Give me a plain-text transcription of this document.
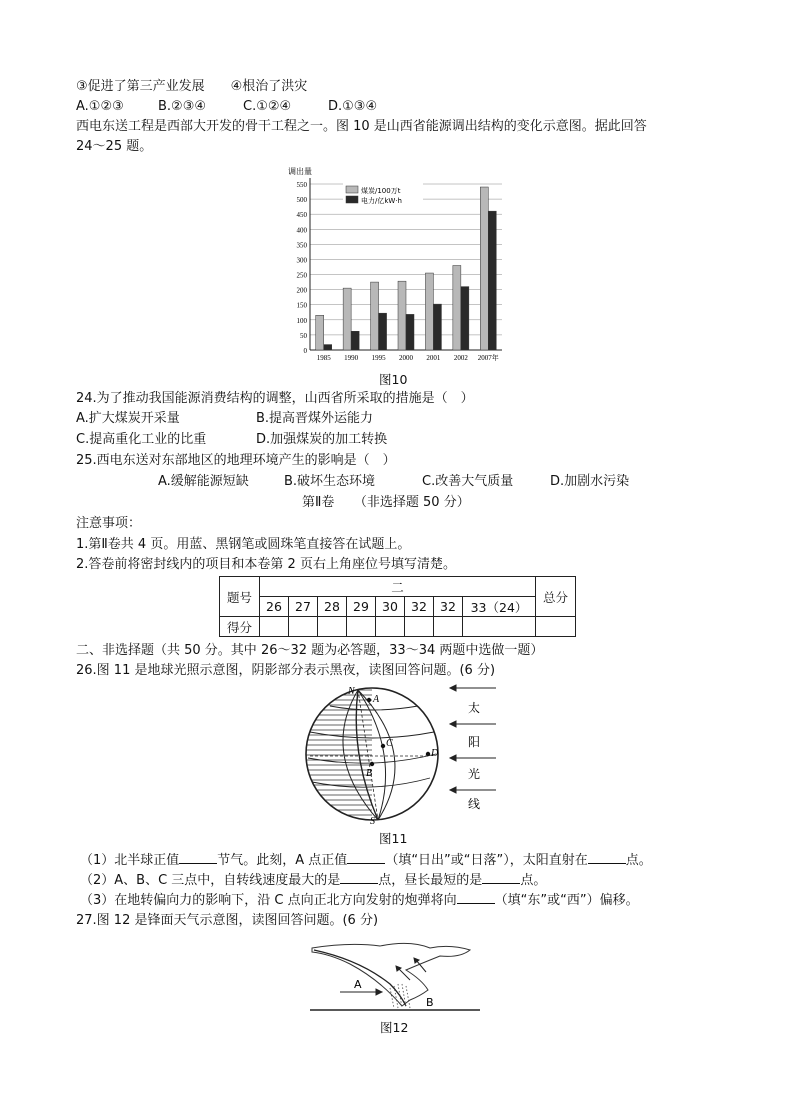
③促进了第三产业发展　　④根治了洪灾
A.①②③	B.②③④	C.①②④	D.①③④
西电东送工程是西部大开发的骨干工程之一。图 10 是山西省能源调出结构的变化示意图。据此回答
24～25 题。
0
50
100
150
200
250
300
350
400
450
500
550
调出量
1985 1990 1995 2000 2001 2002 2007年
煤炭/100万t
电力/亿kW·h
图10
24.为了推动我国能源消费结构的调整，山西省所采取的措施是（　）
A.扩大煤炭开采量	B.提高晋煤外运能力
C.提高重化工业的比重	D.加强煤炭的加工转换
25.西电东送对东部地区的地理环境产生的影响是（　）
A.缓解能源短缺	B.破坏生态环境	C.改善大气质量	D.加剧水污染
第Ⅱ卷　　（非选择题 50 分）
注意事项：
1.第Ⅱ卷共 4 页。用蓝、黑钢笔或圆珠笔直接答在试题上。
2.答卷前将密封线内的项目和本卷第 2 页右上角座位号填写清楚。
题号	二								总分
	26	27	28	29	30	32	32	33（24）	
得分									
二、非选择题（共 50 分。其中 26～32 题为必答题，33～34 两题中选做一题）
26.图 11 是地球光照示意图，阴影部分表示黑夜，读图回答问题。(6 分)
N
A
C
B
D
S
太
阳
光
线
图11
（1）北半球正值	节气。此刻，A 点正值	（填“日出”或“日落”），太阳直射在	点。
（2）A、B、C 三点中，自转线速度最大的是	点，昼长最短的是	点。
（3）在地转偏向力的影响下，沿 C 点向正北方向发射的炮弹将向	（填“东”或“西”）偏移。
27.图 12 是锋面天气示意图，读图回答问题。(6 分)
A
B
图12
